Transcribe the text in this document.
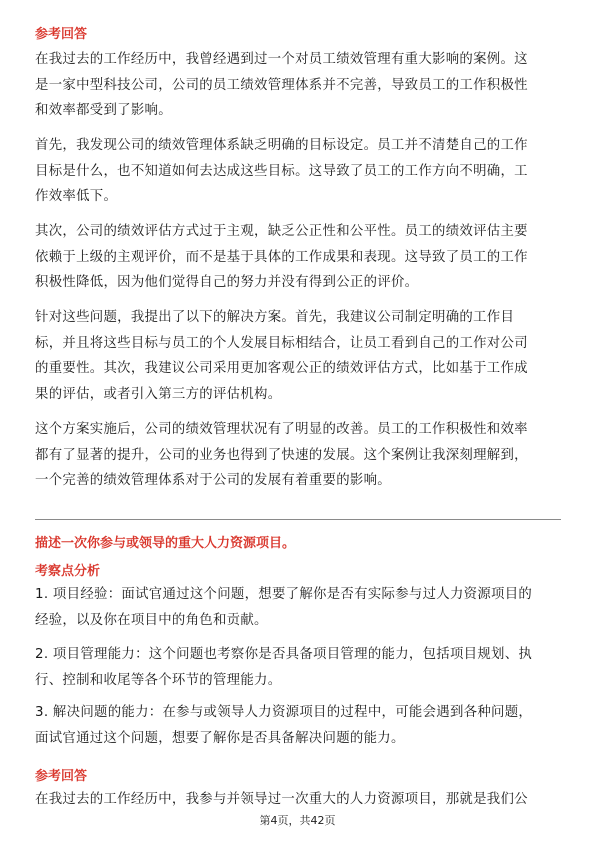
参考回答
在我过去的工作经历中，我曾经遇到过一个对员工绩效管理有重大影响的案例。这
是一家中型科技公司，公司的员工绩效管理体系并不完善，导致员工的工作积极性
和效率都受到了影响。
首先，我发现公司的绩效管理体系缺乏明确的目标设定。员工并不清楚自己的工作
目标是什么，也不知道如何去达成这些目标。这导致了员工的工作方向不明确，工
作效率低下。
其次，公司的绩效评估方式过于主观，缺乏公正性和公平性。员工的绩效评估主要
依赖于上级的主观评价，而不是基于具体的工作成果和表现。这导致了员工的工作
积极性降低，因为他们觉得自己的努力并没有得到公正的评价。
针对这些问题，我提出了以下的解决方案。首先，我建议公司制定明确的工作目
标，并且将这些目标与员工的个人发展目标相结合，让员工看到自己的工作对公司
的重要性。其次，我建议公司采用更加客观公正的绩效评估方式，比如基于工作成
果的评估，或者引入第三方的评估机构。
这个方案实施后，公司的绩效管理状况有了明显的改善。员工的工作积极性和效率
都有了显著的提升，公司的业务也得到了快速的发展。这个案例让我深刻理解到，
一个完善的绩效管理体系对于公司的发展有着重要的影响。
描述一次你参与或领导的重大人力资源项目。
考察点分析
1. 项目经验：面试官通过这个问题，想要了解你是否有实际参与过人力资源项目的
经验，以及你在项目中的角色和贡献。
2. 项目管理能力：这个问题也考察你是否具备项目管理的能力，包括项目规划、执
行、控制和收尾等各个环节的管理能力。
3. 解决问题的能力：在参与或领导人力资源项目的过程中，可能会遇到各种问题，
面试官通过这个问题，想要了解你是否具备解决问题的能力。
参考回答
在我过去的工作经历中，我参与并领导过一次重大的人力资源项目，那就是我们公
第4页，共42页
